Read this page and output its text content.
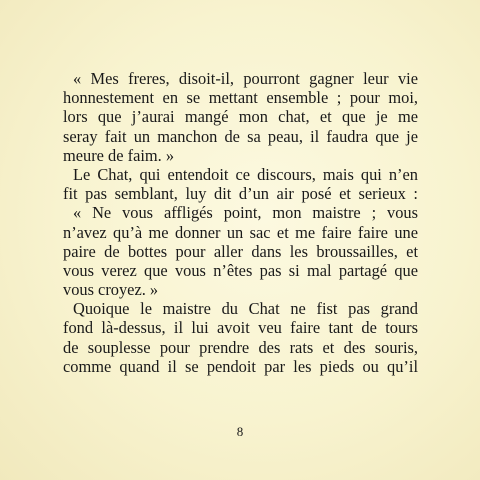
« Mes freres, disoit-il, pourront gagner leur vie
honnestement en se mettant ensemble ; pour moi,
lors que j’aurai mangé mon chat, et que je me
seray fait un manchon de sa peau, il faudra que je
meure de faim. »
Le Chat, qui entendoit ce discours, mais qui n’en
fit pas semblant, luy dit d’un air posé et serieux :
« Ne vous affligés point, mon maistre ; vous
n’avez qu’à me donner un sac et me faire faire une
paire de bottes pour aller dans les broussailles, et
vous verez que vous n’êtes pas si mal partagé que
vous croyez. »
Quoique le maistre du Chat ne fist pas grand
fond là-dessus, il lui avoit veu faire tant de tours
de souplesse pour prendre des rats et des souris,
comme quand il se pendoit par les pieds ou qu’il
8
